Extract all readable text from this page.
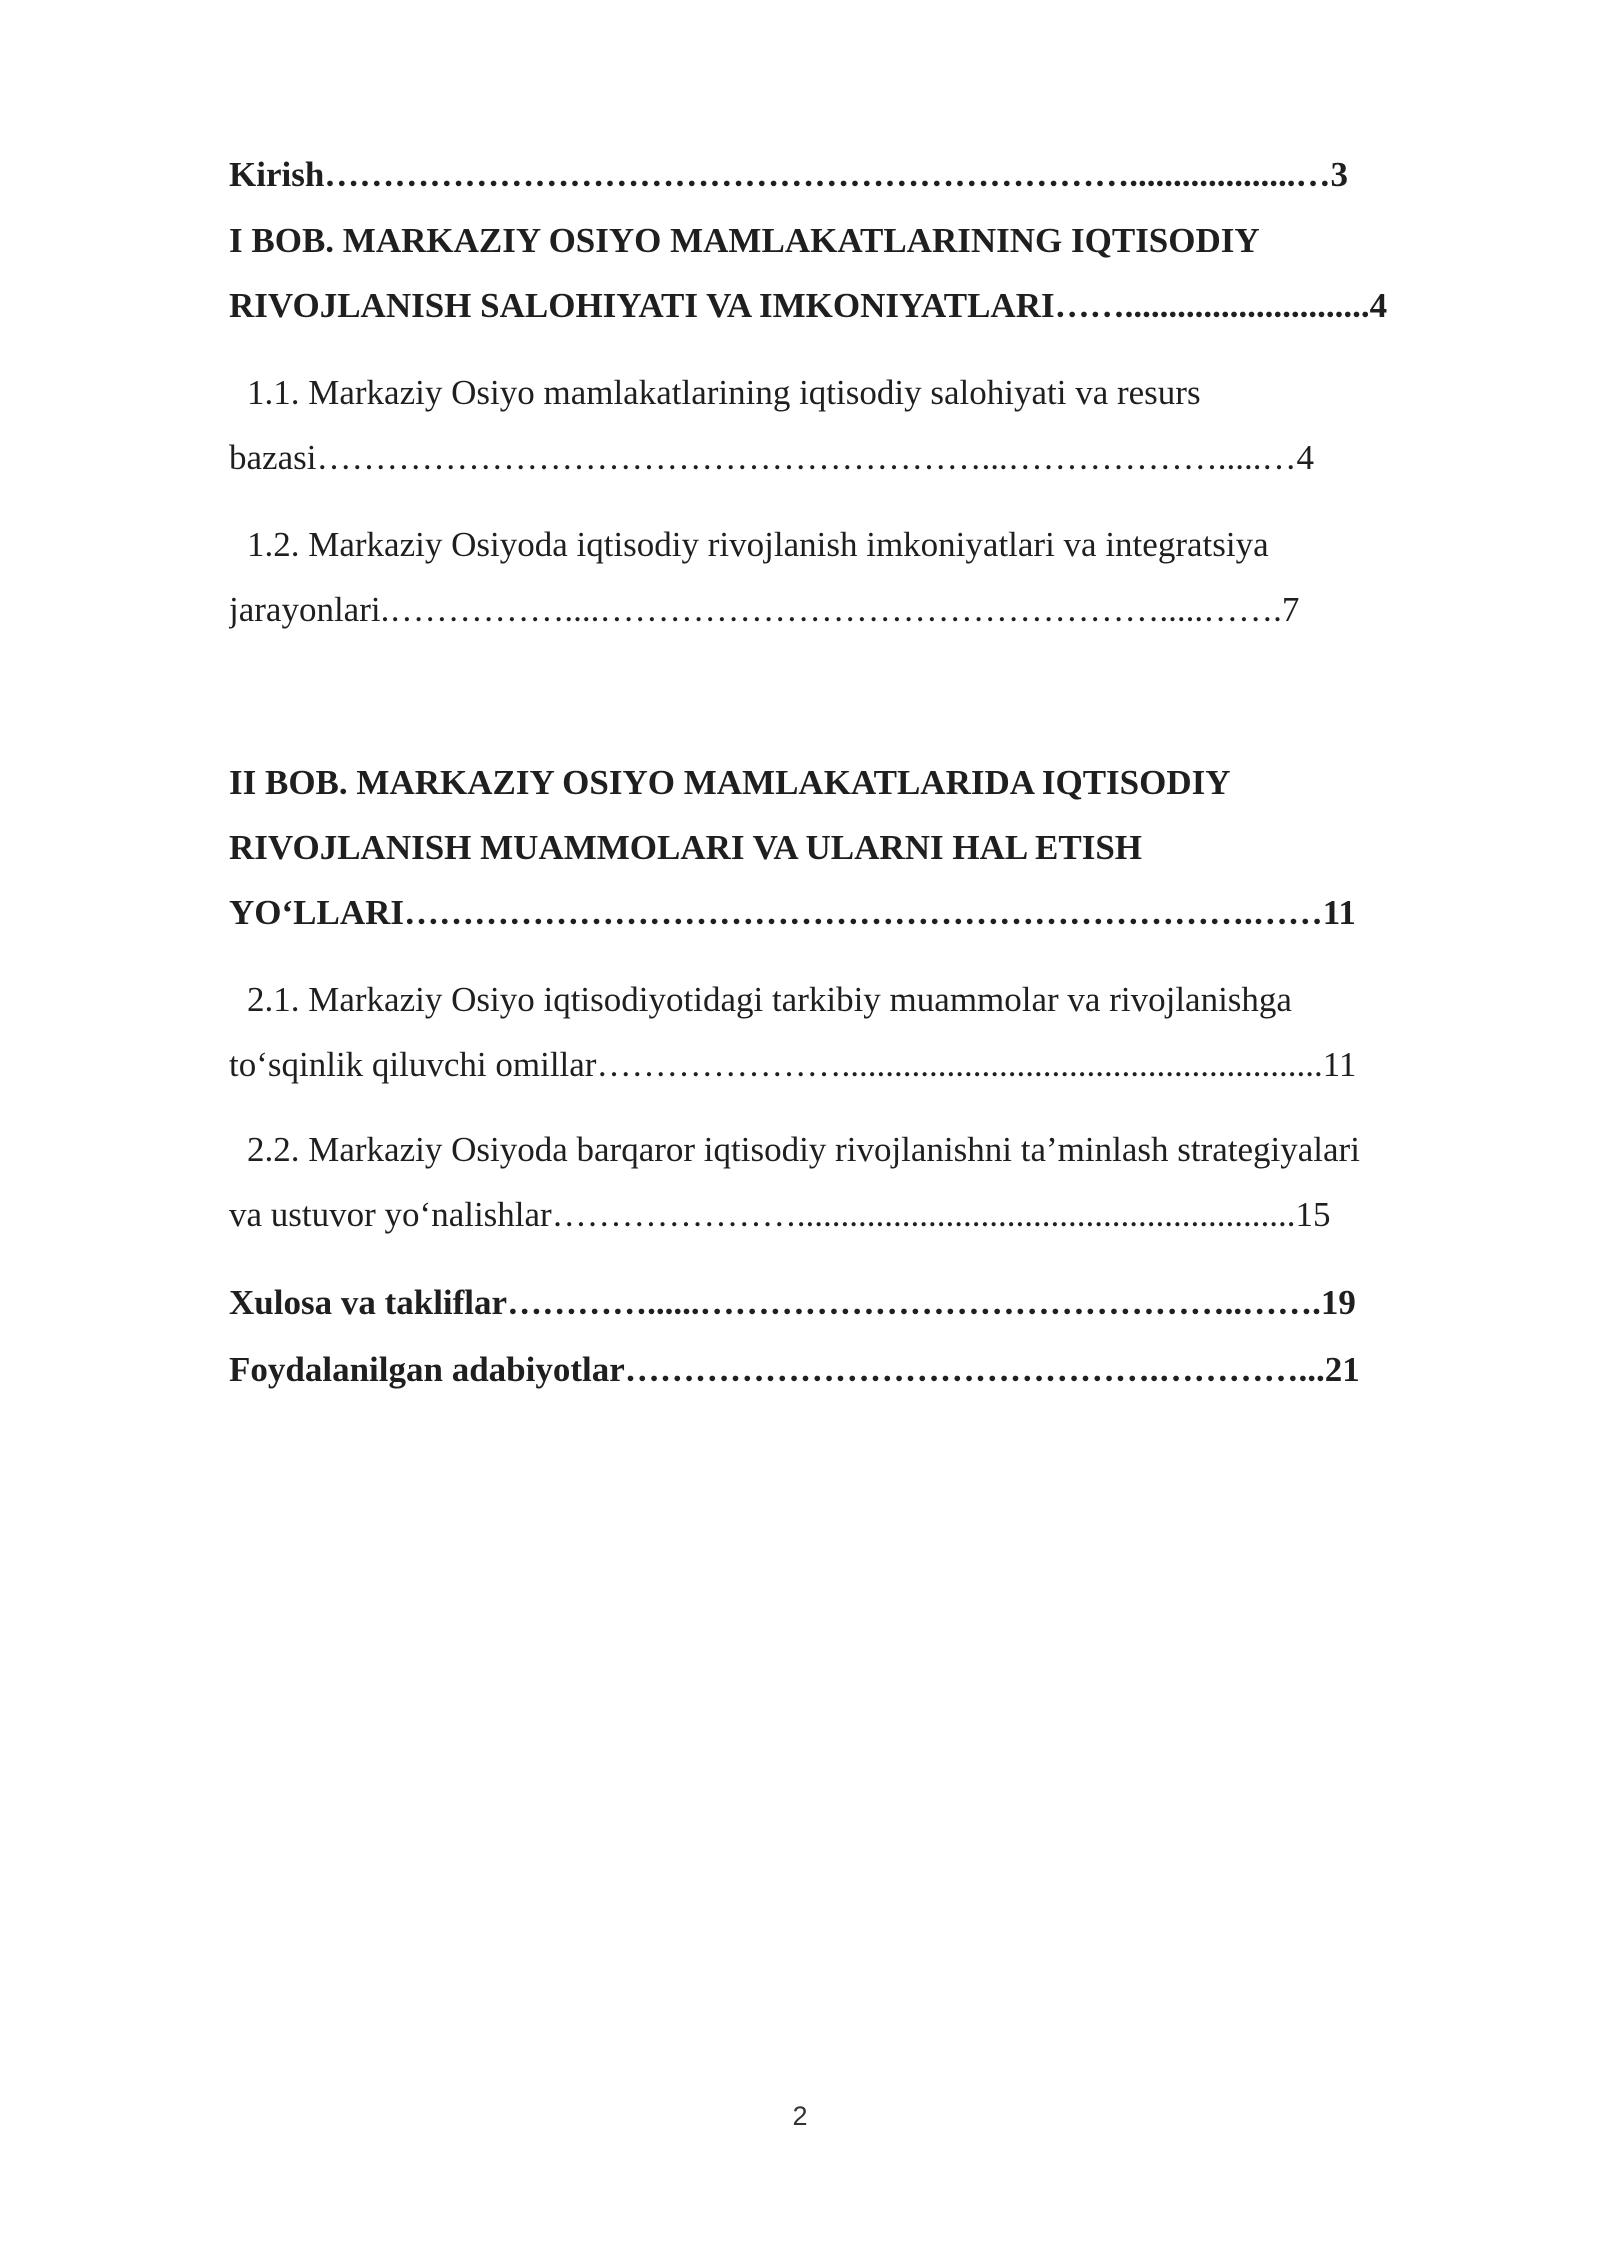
Kirish……………………………………………………………...................…3
I BOB. MARKAZIY OSIYO MAMLAKATLARINING IQTISODIY
RIVOJLANISH SALOHIYATI VA IMKONIYATLARI……............................4
1.1. Markaziy Osiyo mamlakatlarining iqtisodiy salohiyati va resurs
bazasi…………………………………………………...……………….....…4
1.2. Markaziy Osiyoda iqtisodiy rivojlanish imkoniyatlari va integratsiya
jarayonlari.……………....………………………………………….....…….7
II BOB. MARKAZIY OSIYO MAMLAKATLARIDA IQTISODIY
RIVOJLANISH MUAMMOLARI VA ULARNI HAL ETISH
YO‘LLARI……………………………………………………………….……11
2.1. Markaziy Osiyo iqtisodiyotidagi tarkibiy muammolar va rivojlanishga
to‘sqinlik qiluvchi omillar………………….......................................................11
2.2. Markaziy Osiyoda barqaror iqtisodiy rivojlanishni ta’minlash strategiyalari
va ustuvor yo‘nalishlar………………….........................................................15
Xulosa va takliflar…………......………………………………………..…….19
Foydalanilgan adabiyotlar……………………………………….…………...21
2
